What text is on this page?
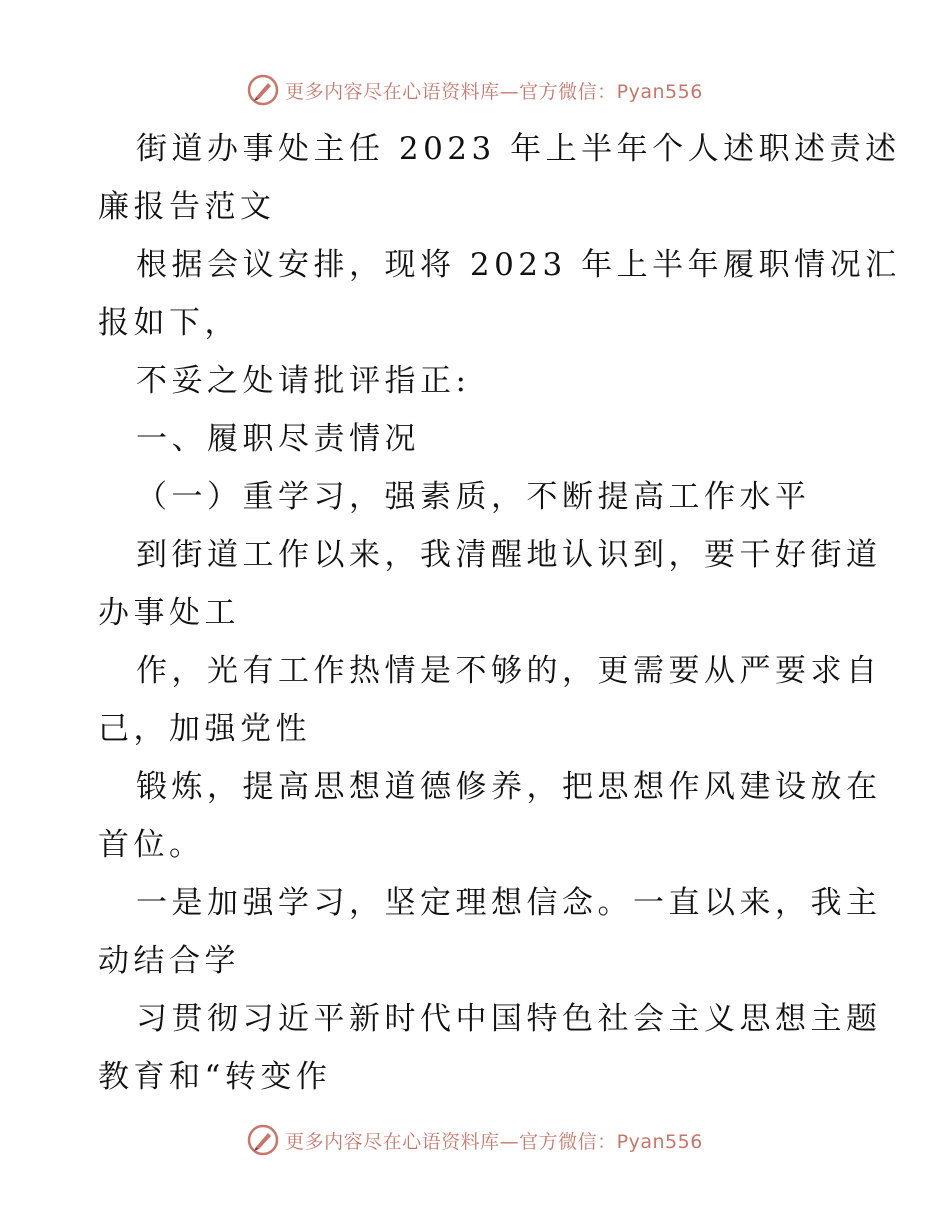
更多内容尽在心语资料库—官方微信：Pyan556
街道办事处主任 2023 年上半年个人述职述责述
廉报告范文
根据会议安排，现将 2023 年上半年履职情况汇
报如下，
不妥之处请批评指正:
一、履职尽责情况
（一）重学习，强素质，不断提高工作水平
到街道工作以来，我清醒地认识到，要干好街道
办事处工
作，光有工作热情是不够的，更需要从严要求自
己，加强党性
锻炼，提高思想道德修养，把思想作风建设放在
首位。
一是加强学习，坚定理想信念。一直以来，我主
动结合学
习贯彻习近平新时代中国特色社会主义思想主题
教育和“转变作
更多内容尽在心语资料库—官方微信：Pyan556
